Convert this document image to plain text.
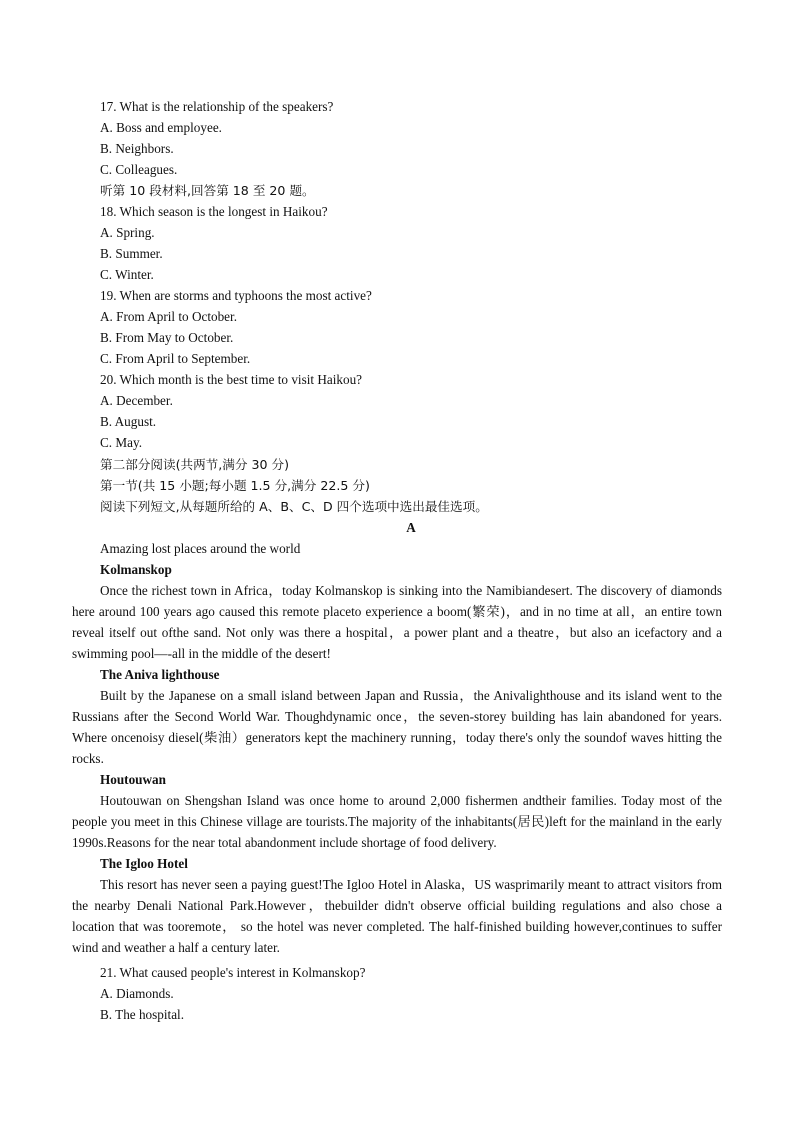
17. What is the relationship of the speakers?
A. Boss and employee.
B. Neighbors.
C. Colleagues.
听第 10 段材料,回答第 18 至 20 题。
18. Which season is the longest in Haikou?
A. Spring.
B. Summer.
C. Winter.
19. When are storms and typhoons the most active?
A. From April to October.
B. From May to October.
C. From April to September.
20. Which month is the best time to visit Haikou?
A. December.
B. August.
C. May.
第二部分阅读(共两节,满分 30 分)
第一节(共 15 小题;每小题 1.5 分,满分 22.5 分)
阅读下列短文,从每题所给的 A、B、C、D 四个选项中选出最佳选项。
A
Amazing lost places around the world
Kolmanskop
Once the richest town in Africa，today Kolmanskop is sinking into the Namibiandesert. The discovery of diamonds here around 100 years ago caused this remote placeto experience a boom(繁荣)，and in no time at all，an entire town reveal itself out ofthe sand. Not only was there a hospital，a power plant and a theatre，but also an icefactory and a swimming pool—-all in the middle of the desert!
The Aniva lighthouse
Built by the Japanese on a small island between Japan and Russia，the Anivalighthouse and its island went to the Russians after the Second World War. Thoughdynamic once，the seven-storey building has lain abandoned for years. Where oncenoisy diesel(柴油）generators kept the machinery running，today there's only the soundof waves hitting the rocks.
Houtouwan
Houtouwan on Shengshan Island was once home to around 2,000 fishermen andtheir families. Today most of the people you meet in this Chinese village are tourists.The majority of the inhabitants(居民)left for the mainland in the early 1990s.Reasons for the near total abandonment include shortage of food delivery.
The Igloo Hotel
This resort has never seen a paying guest!The Igloo Hotel in Alaska，US wasprimarily meant to attract visitors from the nearby Denali National Park.However，thebuilder didn't observe official building regulations and also chose a location that was tooremote， so the hotel was never completed. The half-finished building however,continues to suffer wind and weather a half a century later.
21. What caused people's interest in Kolmanskop?
A. Diamonds.
B. The hospital.
